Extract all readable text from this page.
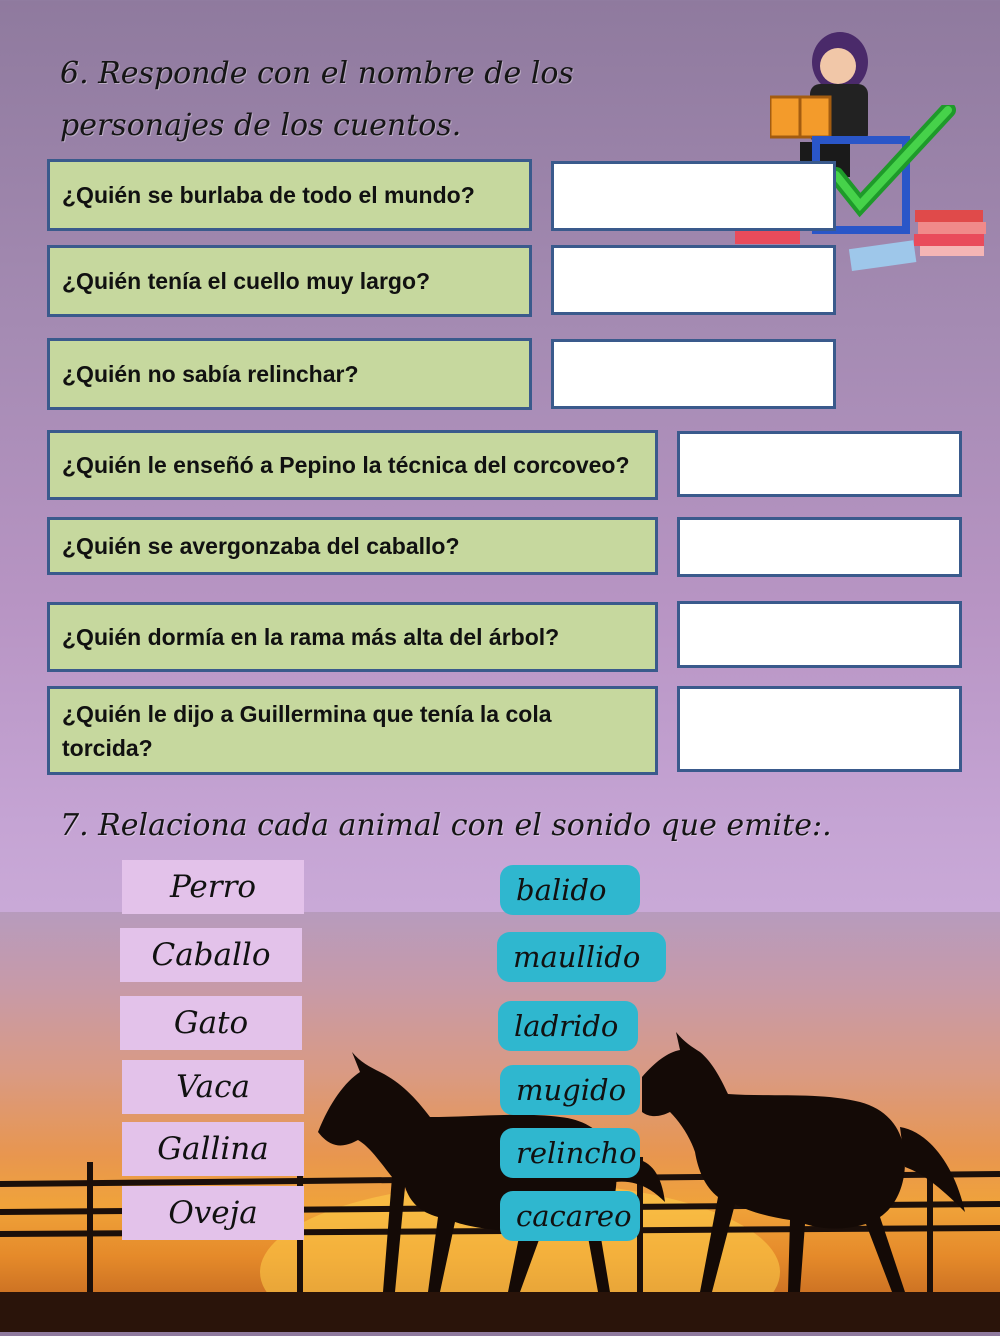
6. Responde con el nombre de los personajes de los cuentos.
¿Quién se burlaba de todo el mundo?
¿Quién tenía el cuello muy largo?
¿Quién no sabía relinchar?
¿Quién le enseñó a Pepino la técnica del corcoveo?
¿Quién se avergonzaba del caballo?
¿Quién dormía en la rama más alta del árbol?
¿Quién le dijo a Guillermina que tenía la cola torcida?
7. Relaciona cada animal con el sonido que emite:.
Perro
Caballo
Gato
Vaca
Gallina
Oveja
balido
maullido
ladrido
mugido
relincho
cacareo
